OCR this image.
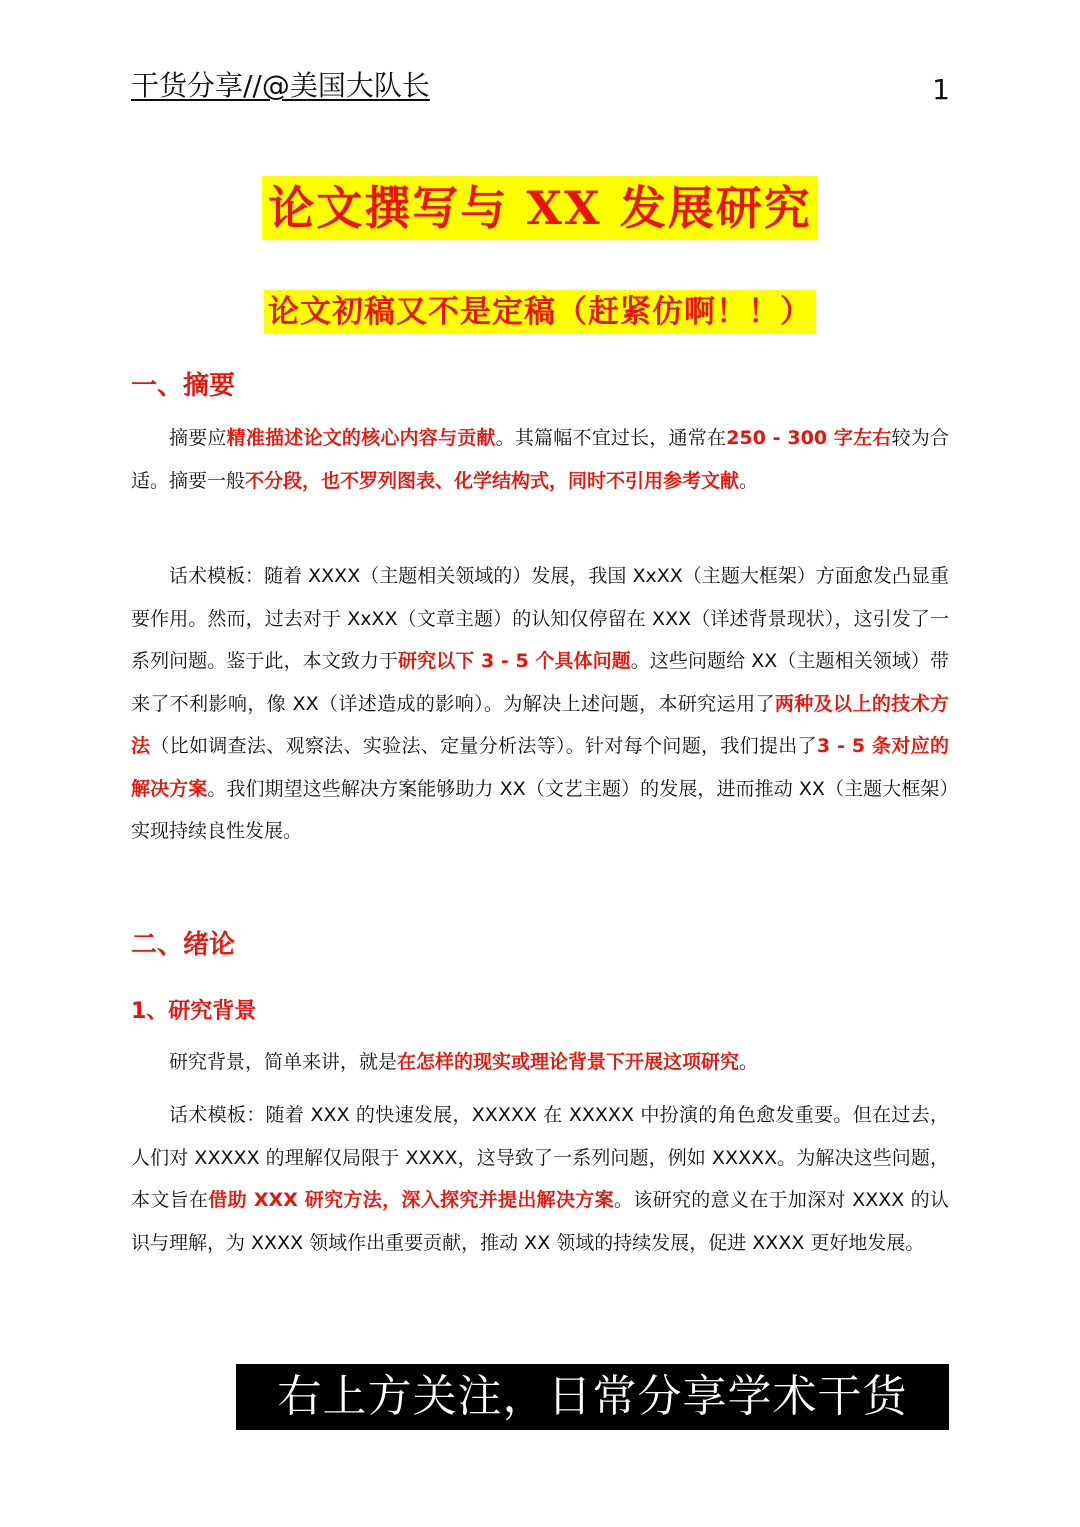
干货分享//@美国大队长	1
论文撰写与 XX 发展研究
论文初稿又不是定稿（赶紧仿啊！！）
一、摘要

摘要应精准描述论文的核心内容与贡献。其篇幅不宜过长，通常在250 - 300 字左右较为合适。摘要一般不分段，也不罗列图表、化学结构式，同时不引用参考文献。

话术模板：随着 XXXX（主题相关领域的）发展，我国 XxXX（主题大框架）方面愈发凸显重要作用。然而，过去对于 XxXX（文章主题）的认知仅停留在 XXX（详述背景现状），这引发了一系列问题。鉴于此，本文致力于研究以下 3 - 5 个具体问题。这些问题给 XX（主题相关领域）带来了不利影响，像 XX（详述造成的影响）。为解决上述问题，本研究运用了两种及以上的技术方法（比如调查法、观察法、实验法、定量分析法等）。针对每个问题，我们提出了3 - 5 条对应的解决方案。我们期望这些解决方案能够助力 XX（文艺主题）的发展，进而推动 XX（主题大框架）实现持续良性发展。

二、绪论
1、研究背景

研究背景，简单来讲，就是在怎样的现实或理论背景下开展这项研究。

话术模板：随着 XXX 的快速发展，XXXXX 在 XXXXX 中扮演的角色愈发重要。但在过去，人们对 XXXXX 的理解仅局限于 XXXX，这导致了一系列问题，例如 XXXXX。为解决这些问题，本文旨在借助 XXX 研究方法，深入探究并提出解决方案。该研究的意义在于加深对 XXXX 的认识与理解，为 XXXX 领域作出重要贡献，推动 XX 领域的持续发展，促进 XXXX 更好地发展。

右上方关注，日常分享学术干货
